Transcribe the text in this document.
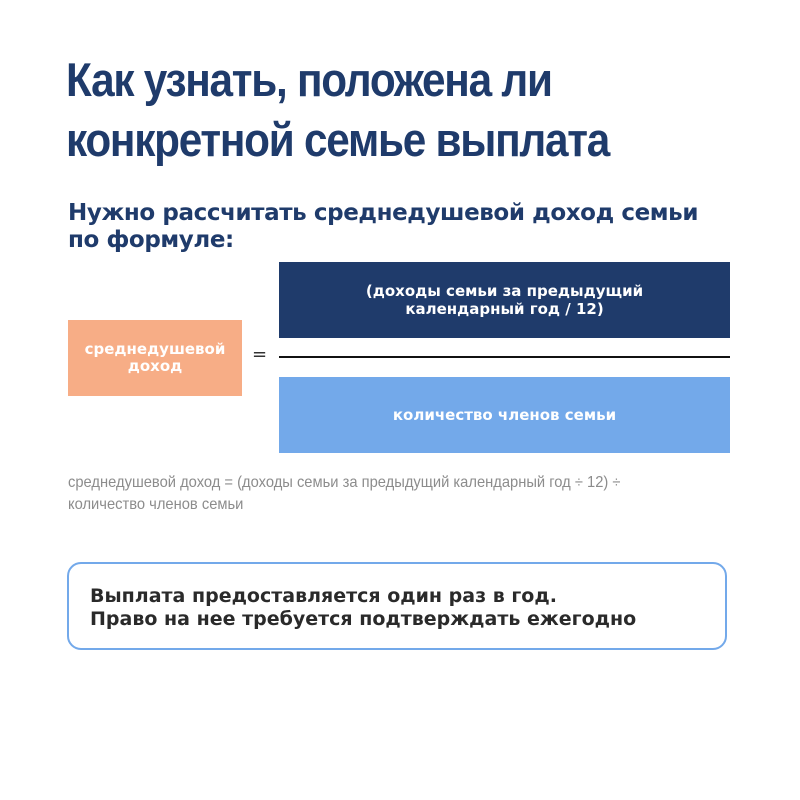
Как узнать, положена ли
конкретной семье выплата

Нужно рассчитать среднедушевой доход семьи
по формуле:

среднедушевой
доход
=
(доходы семьи за предыдущий
календарный год / 12)
количество членов семьи

среднедушевой доход = (доходы семьи за предыдущий календарный год ÷ 12) ÷
количество членов семьи

Выплата предоставляется один раз в год.
Право на нее требуется подтверждать ежегодно
